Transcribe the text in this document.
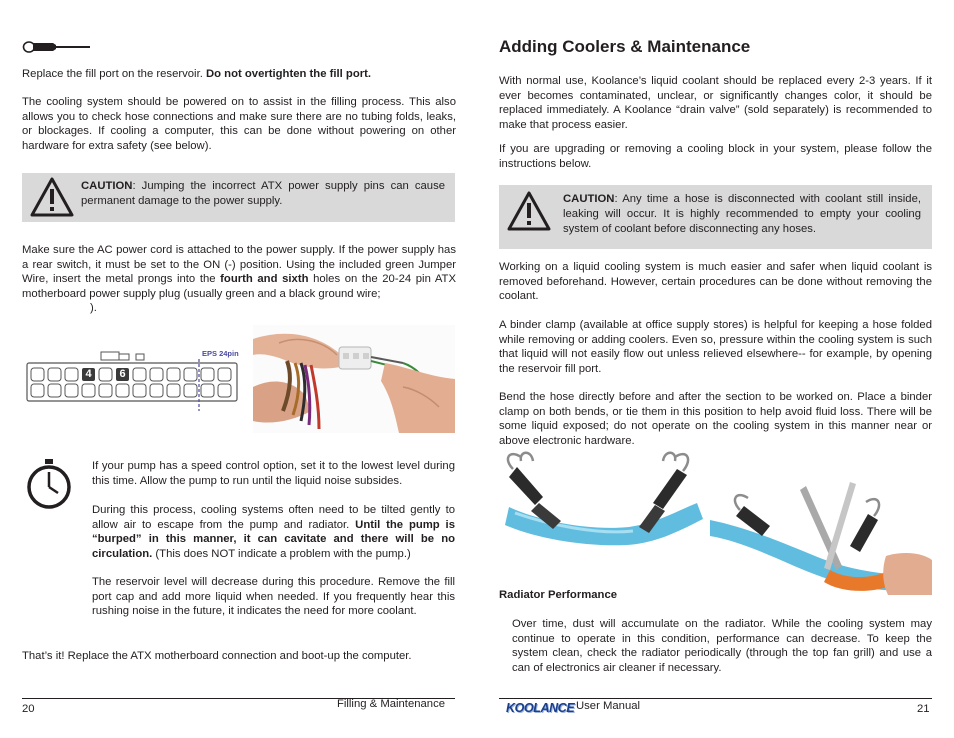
Replace the fill port on the reservoir. Do not overtighten the fill port.

The cooling system should be powered on to assist in the filling process. This also allows you to check hose connections and make sure there are no tubing folds, leaks, or blockages. If cooling a computer, this can be done without powering on other hardware for extra safety (see below).

CAUTION: Jumping the incorrect ATX power supply pins can cause permanent damage to the power supply.

Make sure the AC power cord is attached to the power supply. If the power supply has a rear switch, it must be set to the ON (-) position. Using the included green Jumper Wire, insert the metal prongs into the fourth and sixth holes on the 20-24 pin ATX motherboard power supply plug (usually green and a black ground wire;

).

4	6
EPS 24pin

If your pump has a speed control option, set it to the lowest level during this time. Allow the pump to run until the liquid noise subsides.

During this process, cooling systems often need to be tilted gently to allow air to escape from the pump and radiator. Until the pump is “burped” in this manner, it can cavitate and there will be no circulation. (This does NOT indicate a problem with the pump.)

The reservoir level will decrease during this procedure. Remove the fill port cap and add more liquid when needed. If you frequently hear this rushing noise in the future, it indicates the need for more coolant.

That’s it! Replace the ATX motherboard connection and boot-up the computer.

20	Filling & Maintenance
Adding Coolers & Maintenance

With normal use, Koolance’s liquid coolant should be replaced every 2-3 years. If it ever becomes contaminated, unclear, or significantly changes color, it should be replaced immediately. A Koolance “drain valve” (sold separately) is recommended to make that process easier.

If you are upgrading or removing a cooling block in your system, please follow the instructions below.

CAUTION: Any time a hose is disconnected with coolant still inside, leaking will occur. It is highly recommended to empty your cooling system of coolant before disconnecting any hoses.

Working on a liquid cooling system is much easier and safer when liquid coolant is removed beforehand. However, certain procedures can be done without removing the coolant.

A binder clamp (available at office supply stores) is helpful for keeping a hose folded while removing or adding coolers. Even so, pressure within the cooling system is such that liquid will not easily flow out unless relieved elsewhere-- for example, by opening the reservoir fill port.

Bend the hose directly before and after the section to be worked on. Place a binder clamp on both bends, or tie them in this position to help avoid fluid loss. There will be some liquid exposed; do not operate on the cooling system in this manner near or above electronic hardware.

Radiator Performance

Over time, dust will accumulate on the radiator. While the cooling system may continue to operate in this condition, performance can decrease. To keep the system clean, check the radiator periodically (through the top fan grill) and use a can of electronics air cleaner if necessary.

KOOLANCE User Manual	21
